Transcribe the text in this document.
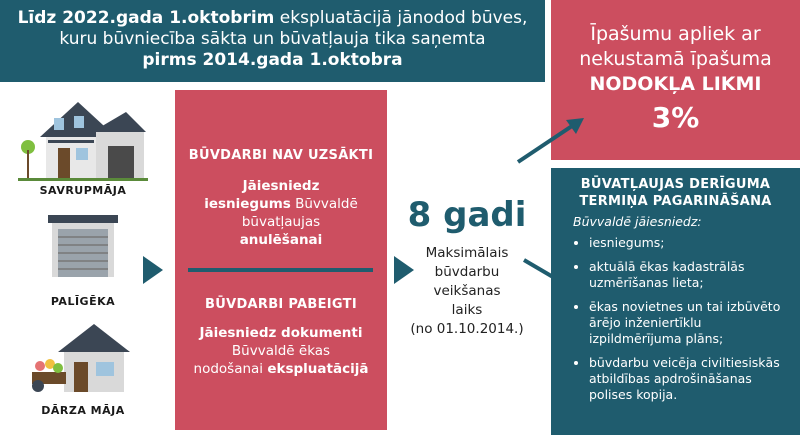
Līdz 2022.gada 1.oktobrim ekspluatācijā jānodod būves,
kuru būvniecība sākta un būvatļauja tika saņemta
pirms 2014.gada 1.oktobra
Īpašumu apliek ar
nekustamā īpašuma
NODOKĻA LIKMI
3%
SAVRUPMĀJA
PALĪGĒKA
DĀRZA MĀJA
BŪVDARBI NAV UZSĀKTI
Jāiesniedz
iesniegums Būvvaldē
būvatļaujas
anulēšanai
BŪVDARBI PABEIGTI
Jāiesniedz dokumenti
Būvvaldē ēkas
nodošanai ekspluatācijā
8 gadi
Maksimālais
būvdarbu
veikšanas
laiks
(no 01.10.2014.)
BŪVATĻAUJAS DERĪGUMA
TERMIŅA PAGARINĀŠANA
Būvvaldē jāiesniedz:
• iesniegums;
• aktuālā ēkas kadastrālās uzmērīšanas lieta;
• ēkas novietnes un tai izbūvēto ārējo inženiertīklu izpildmērījuma plāns;
• būvdarbu veicēja civiltiesiskās atbildības apdrošināšanas polises kopija.
